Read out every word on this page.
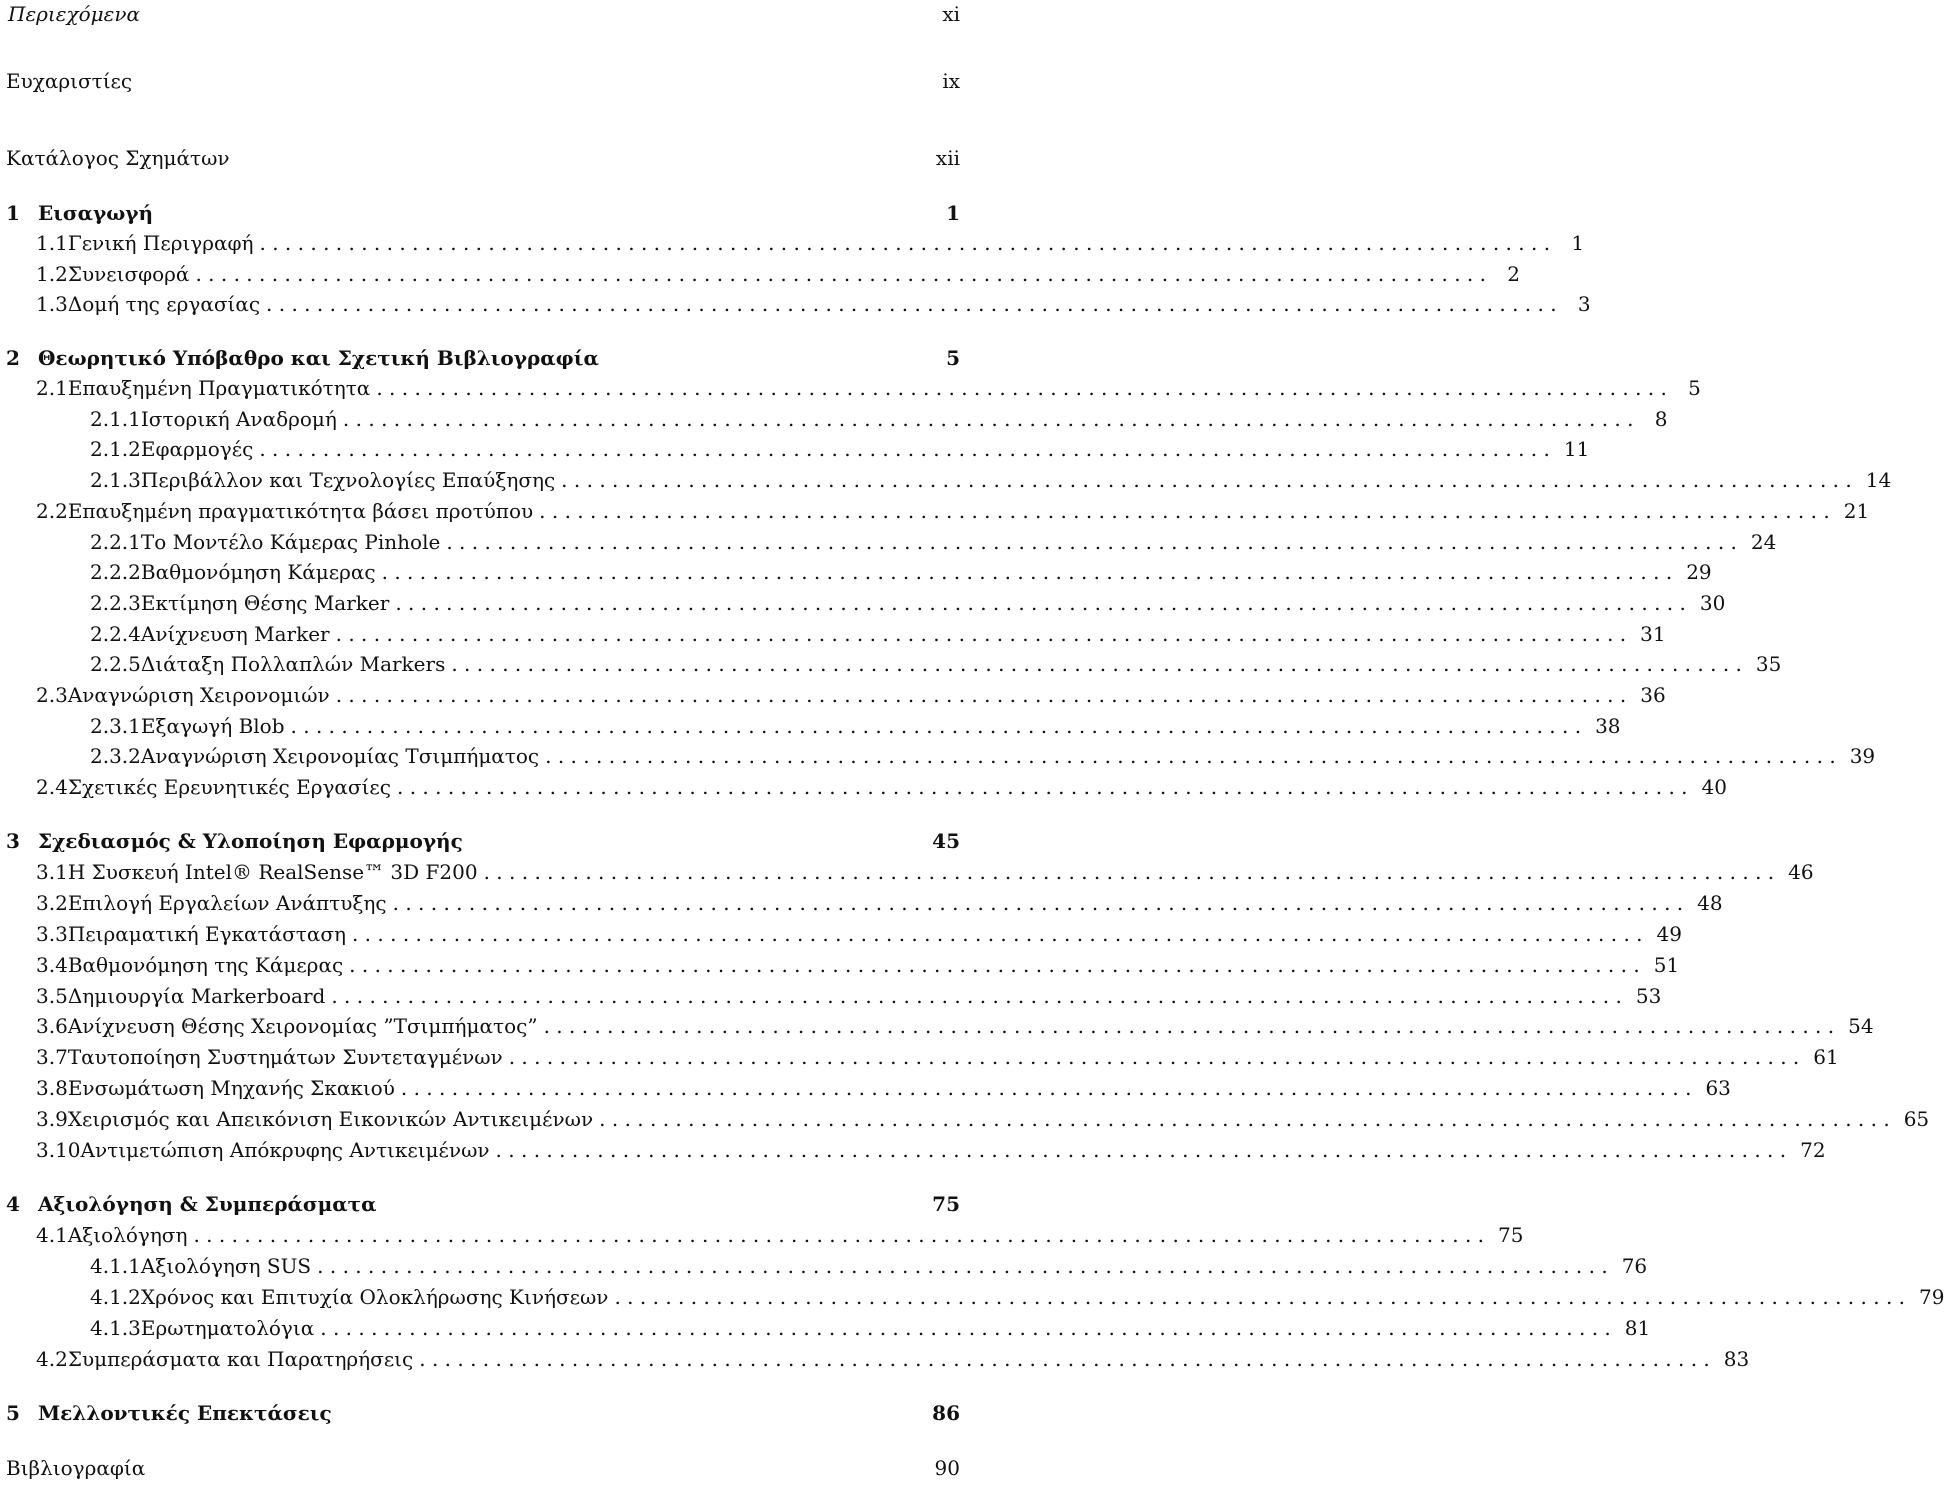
Περιεχόμενα	xi
Ευχαριστίες	ix
Κατάλογος Σχημάτων	xii
1 Εισαγωγή	1
1.1 Γενική Περιγραφή . . .	1
1.2 Συνεισφορά . . .	2
1.3 Δομή της εργασίας . . .	3
2 Θεωρητικό Υπόβαθρο και Σχετική Βιβλιογραφία	5
2.1 Επαυξημένη Πραγματικότητα . . .	5
2.1.1 Ιστορική Αναδρομή . . .	8
2.1.2 Εφαρμογές . . .	11
2.1.3 Περιβάλλον και Τεχνολογίες Επαύξησης . . .	14
2.2 Επαυξημένη πραγματικότητα βάσει προτύπου . . .	21
2.2.1 Το Μοντέλο Κάμερας Pinhole . . .	24
2.2.2 Βαθμονόμηση Κάμερας . . .	29
2.2.3 Εκτίμηση Θέσης Marker . . .	30
2.2.4 Ανίχνευση Marker . . .	31
2.2.5 Διάταξη Πολλαπλών Markers . . .	35
2.3 Αναγνώριση Χειρονομιών . . .	36
2.3.1 Εξαγωγή Blob . . .	38
2.3.2 Αναγνώριση Χειρονομίας Τσιμπήματος . . .	39
2.4 Σχετικές Ερευνητικές Εργασίες . . .	40
3 Σχεδιασμός & Υλοποίηση Εφαρμογής	45
3.1 Η Συσκευή Intel® RealSense™ 3D F200 . . .	46
3.2 Επιλογή Εργαλείων Ανάπτυξης . . .	48
3.3 Πειραματική Εγκατάσταση . . .	49
3.4 Βαθμονόμηση της Κάμερας . . .	51
3.5 Δημιουργία Markerboard . . .	53
3.6 Ανίχνευση Θέσης Χειρονομίας ”Τσιμπήματος” . . .	54
3.7 Ταυτοποίηση Συστημάτων Συντεταγμένων . . .	61
3.8 Ενσωμάτωση Μηχανής Σκακιού . . .	63
3.9 Χειρισμός και Απεικόνιση Εικονικών Αντικειμένων . . .	65
3.10 Αντιμετώπιση Απόκρυφης Αντικειμένων . . .	72
4 Αξιολόγηση & Συμπεράσματα	75
4.1 Αξιολόγηση . . .	75
4.1.1 Αξιολόγηση SUS . . .	76
4.1.2 Χρόνος και Επιτυχία Ολοκλήρωσης Κινήσεων . . .	79
4.1.3 Ερωτηματολόγια . . .	81
4.2 Συμπεράσματα και Παρατηρήσεις . . .	83
5 Μελλοντικές Επεκτάσεις	86
Βιβλιογραφία	90
